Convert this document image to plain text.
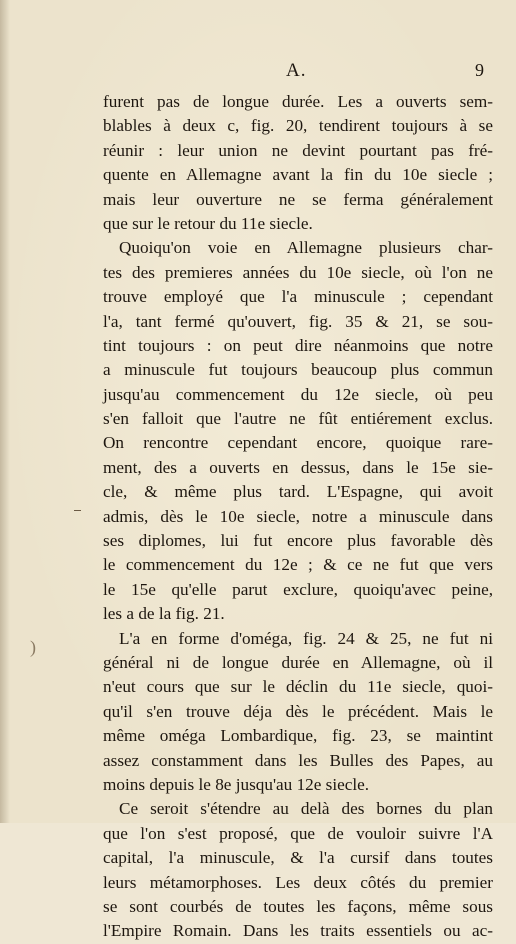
A.	9
furent pas de longue durée. Les a ouverts sem-
blables à deux c, fig. 20, tendirent toujours à se
réunir : leur union ne devint pourtant pas fré-
quente en Allemagne avant la fin du 10e siecle ;
mais leur ouverture ne se ferma généralement
que sur le retour du 11e siecle.
Quoiqu'on voie en Allemagne plusieurs char-
tes des premieres années du 10e siecle, où l'on ne
trouve employé que l'a minuscule ; cependant
l'a, tant fermé qu'ouvert, fig. 35 & 21, se sou-
tint toujours : on peut dire néanmoins que notre
a minuscule fut toujours beaucoup plus commun
jusqu'au commencement du 12e siecle, où peu
s'en falloit que l'autre ne fût entiérement exclus.
On rencontre cependant encore, quoique rare-
ment, des a ouverts en dessus, dans le 15e sie-
cle, & même plus tard. L'Espagne, qui avoit
admis, dès le 10e siecle, notre a minuscule dans
ses diplomes, lui fut encore plus favorable dès
le commencement du 12e ; & ce ne fut que vers
le 15e qu'elle parut exclure, quoiqu'avec peine,
les a de la fig. 21.
L'a en forme d'oméga, fig. 24 & 25, ne fut ni
général ni de longue durée en Allemagne, où il
n'eut cours que sur le déclin du 11e siecle, quoi-
qu'il s'en trouve déja dès le précédent. Mais le
même oméga Lombardique, fig. 23, se maintint
assez constamment dans les Bulles des Papes, au
moins depuis le 8e jusqu'au 12e siecle.
Ce seroit s'étendre au delà des bornes du plan
que l'on s'est proposé, que de vouloir suivre l'A
capital, l'a minuscule, & l'a cursif dans toutes
leurs métamorphoses. Les deux côtés du premier
se sont courbés de toutes les façons, même sous
l'Empire Romain. Dans les traits essentiels ou ac-
)
